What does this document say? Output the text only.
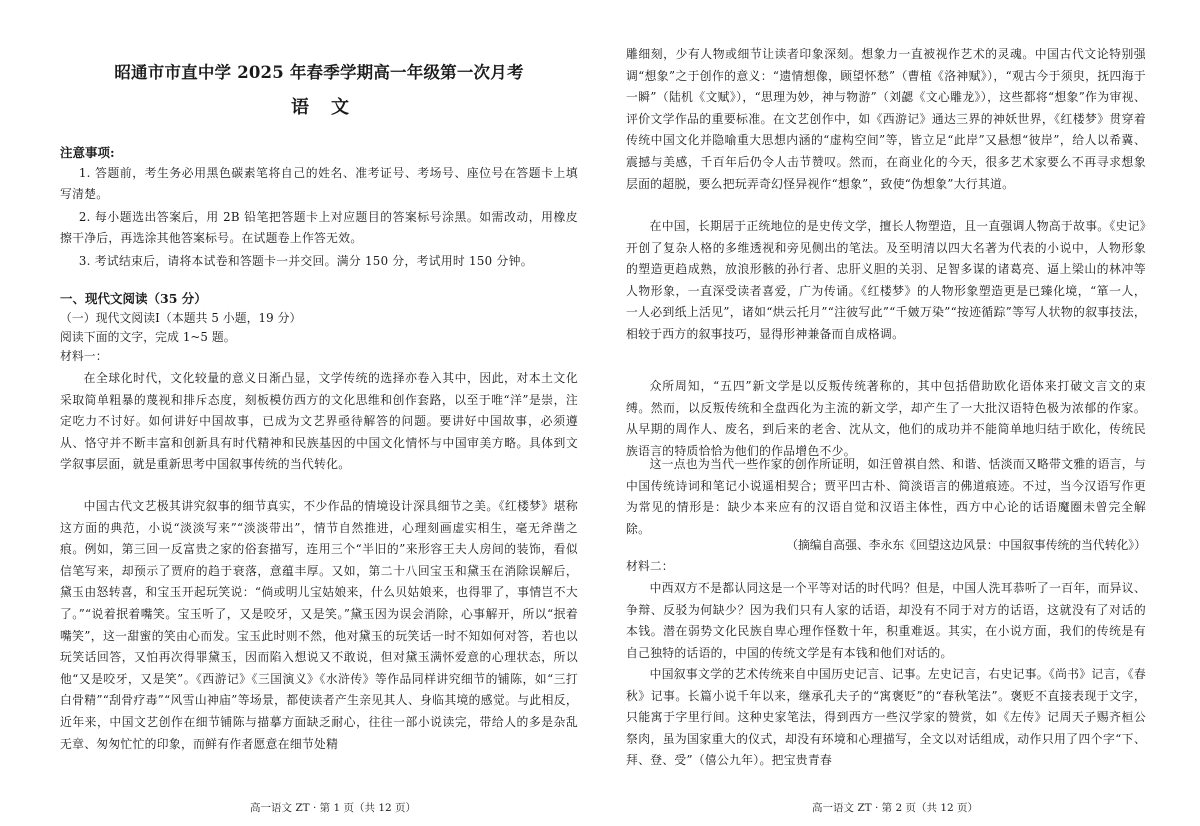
昭通市市直中学 2025 年春季学期高一年级第一次月考
语文
注意事项:

1. 答题前，考生务必用黑色碳素笔将自己的姓名、准考证号、考场号、座位号在答题卡上填写清楚。

2. 每小题选出答案后，用 2B 铅笔把答题卡上对应题目的答案标号涂黑。如需改动，用橡皮擦干净后，再选涂其他答案标号。在试题卷上作答无效。

3. 考试结束后，请将本试卷和答题卡一并交回。满分 150 分，考试用时 150 分钟。

一、现代文阅读（35 分）
（一）现代文阅读Ⅰ（本题共 5 小题，19 分）
阅读下面的文字，完成 1~5 题。
材料一：

在全球化时代，文化较量的意义日渐凸显，文学传统的选择亦卷入其中，因此，对本土文化采取简单粗暴的蔑视和排斥态度，刻板模仿西方的文化思维和创作套路，以至于唯“洋”是崇，注定吃力不讨好。如何讲好中国故事，已成为文艺界亟待解答的问题。要讲好中国故事，必须遵从、恪守并不断丰富和创新具有时代精神和民族基因的中国文化情怀与中国审美方略。具体到文学叙事层面，就是重新思考中国叙事传统的当代转化。

中国古代文艺极其讲究叙事的细节真实，不少作品的情境设计深具细节之美。《红楼梦》堪称这方面的典范，小说“淡淡写来”“淡淡带出”，情节自然推进，心理刻画虚实相生，毫无斧凿之痕。例如，第三回一反富贵之家的俗套描写，连用三个“半旧的”来形容王夫人房间的装饰，看似信笔写来，却预示了贾府的趋于衰落，意蕴丰厚。又如，第二十八回宝玉和黛玉在消除误解后，黛玉由怒转喜，和宝玉开起玩笑说：“倘或明儿宝姑娘来，什么贝姑娘来，也得罪了，事情岂不大了。”“说着抿着嘴笑。宝玉听了，又是咬牙，又是笑。”黛玉因为误会消除，心事解开，所以“抿着嘴笑”，这一甜蜜的笑由心而发。宝玉此时则不然，他对黛玉的玩笑话一时不知如何对答，若也以玩笑话回答，又怕再次得罪黛玉，因而陷入想说又不敢说，但对黛玉满怀爱意的心理状态，所以他“又是咬牙，又是笑”。《西游记》《三国演义》《水浒传》等作品同样讲究细节的铺陈，如“三打白骨精”“刮骨疗毒”“风雪山神庙”等场景，都使读者产生亲见其人、身临其境的感觉。与此相反，近年来，中国文艺创作在细节铺陈与描摹方面缺乏耐心，往往一部小说读完，带给人的多是杂乱无章、匆匆忙忙的印象，而鲜有作者愿意在细节处精

高一语文 ZT · 第 1 页（共 12 页）

雕细刻，少有人物或细节让读者印象深刻。想象力一直被视作艺术的灵魂。中国古代文论特别强调“想象”之于创作的意义：“遗情想像，顾望怀愁”（曹植《洛神赋》），“观古今于须臾，抚四海于一瞬”（陆机《文赋》），“思理为妙，神与物游”（刘勰《文心雕龙》），这些都将“想象”作为审视、评价文学作品的重要标准。在文艺创作中，如《西游记》通达三界的神妖世界，《红楼梦》贯穿着传统中国文化并隐喻重大思想内涵的“虚构空间”等，皆立足“此岸”又悬想“彼岸”，给人以希冀、震撼与美感，千百年后仍令人击节赞叹。然而，在商业化的今天，很多艺术家要么不再寻求想象层面的超脱，要么把玩弄奇幻怪异视作“想象”，致使“伪想象”大行其道。

在中国，长期居于正统地位的是史传文学，擅长人物塑造，且一直强调人物高于故事。《史记》开创了复杂人格的多维透视和旁见侧出的笔法。及至明清以四大名著为代表的小说中，人物形象的塑造更趋成熟，放浪形骸的孙行者、忠肝义胆的关羽、足智多谋的诸葛亮、逼上梁山的林冲等人物形象，一直深受读者喜爱，广为传诵。《红楼梦》的人物形象塑造更是已臻化境，“箪一人，一人必到纸上活见”，诸如“烘云托月”“注彼写此”“千皴万染”“按迹循踪”等写人状物的叙事技法，相较于西方的叙事技巧，显得形神兼备而自成格调。

众所周知，“五四”新文学是以反叛传统著称的，其中包括借助欧化语体来打破文言文的束缚。然而，以反叛传统和全盘西化为主流的新文学，却产生了一大批汉语特色极为浓郁的作家。从早期的周作人、废名，到后来的老舍、沈从文，他们的成功并不能简单地归结于欧化，传统民族语言的特质恰恰为他们的作品增色不少。

这一点也为当代一些作家的创作所证明，如汪曾祺自然、和谐、恬淡而又略带文雅的语言，与中国传统诗词和笔记小说遥相契合；贾平凹古朴、简淡语言的佛道痕迹。不过，当今汉语写作更为常见的情形是：缺少本来应有的汉语自觉和汉语主体性，西方中心论的话语魔圈未曾完全解除。

（摘编自高强、李永东《回望这边风景：中国叙事传统的当代转化》）
材料二：

中西双方不是都认同这是一个平等对话的时代吗？但是，中国人洗耳恭听了一百年，而异议、争辩、反驳为何缺少？因为我们只有人家的话语，却没有不同于对方的话语，这就没有了对话的本钱。潜在弱势文化民族自卑心理作怪数十年，积重难返。其实，在小说方面，我们的传统是有自己独特的话语的，中国的传统文学是有本钱和他们对话的。

中国叙事文学的艺术传统来自中国历史记言、记事。左史记言，右史记事。《尚书》记言，《春秋》记事。长篇小说千年以来，继承孔夫子的“寓褒贬”的“春秋笔法”。褒贬不直接表现于文字，只能寓于字里行间。这种史家笔法，得到西方一些汉学家的赞赏，如《左传》记周天子赐齐桓公祭肉，虽为国家重大的仪式，却没有环境和心理描写，全文以对话组成，动作只用了四个字“下、拜、登、受”（僖公九年）。把宝贵青春

高一语文 ZT · 第 2 页（共 12 页）
